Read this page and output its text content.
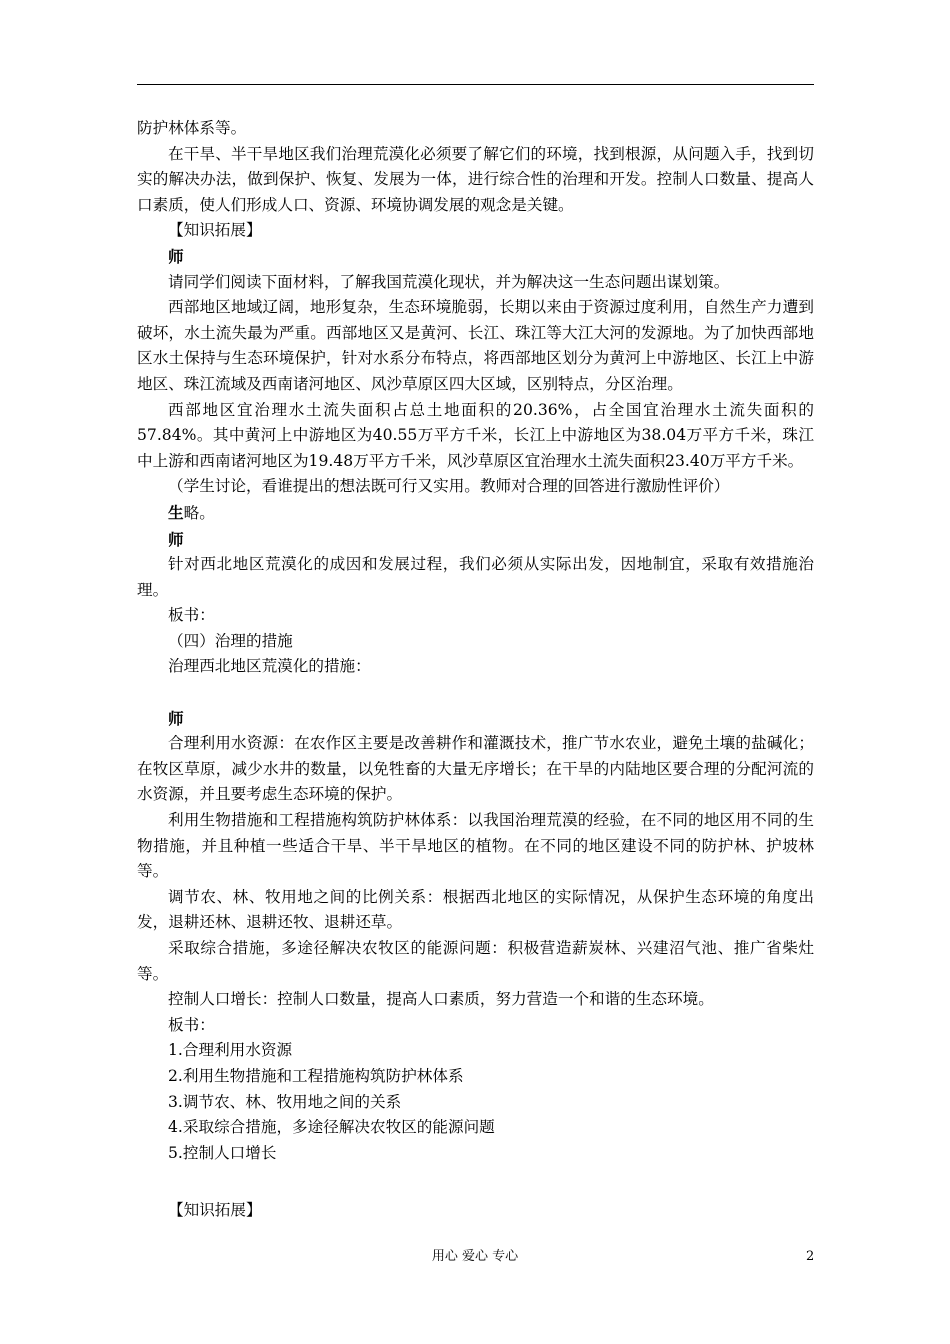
防护林体系等。

在干旱、半干旱地区我们治理荒漠化必须要了解它们的环境，找到根源，从问题入手，找到切实的解决办法，做到保护、恢复、发展为一体，进行综合性的治理和开发。控制人口数量、提高人口素质，使人们形成人口、资源、环境协调发展的观念是关键。

【知识拓展】

师

请同学们阅读下面材料，了解我国荒漠化现状，并为解决这一生态问题出谋划策。

西部地区地域辽阔，地形复杂，生态环境脆弱，长期以来由于资源过度利用，自然生产力遭到破坏，水土流失最为严重。西部地区又是黄河、长江、珠江等大江大河的发源地。为了加快西部地区水土保持与生态环境保护，针对水系分布特点，将西部地区划分为黄河上中游地区、长江上中游地区、珠江流域及西南诸河地区、风沙草原区四大区域，区别特点，分区治理。

西部地区宜治理水土流失面积占总土地面积的20.36%，占全国宜治理水土流失面积的57.84%。其中黄河上中游地区为40.55万平方千米，长江上中游地区为38.04万平方千米，珠江中上游和西南诸河地区为19.48万平方千米，风沙草原区宜治理水土流失面积23.40万平方千米。

（学生讨论，看谁提出的想法既可行又实用。教师对合理的回答进行激励性评价）

生略。

师

针对西北地区荒漠化的成因和发展过程，我们必须从实际出发，因地制宜，采取有效措施治理。

板书：

（四）治理的措施

治理西北地区荒漠化的措施：

师

合理利用水资源：在农作区主要是改善耕作和灌溉技术，推广节水农业，避免土壤的盐碱化；在牧区草原，减少水井的数量，以免牲畜的大量无序增长；在干旱的内陆地区要合理的分配河流的水资源，并且要考虑生态环境的保护。

利用生物措施和工程措施构筑防护林体系：以我国治理荒漠的经验，在不同的地区用不同的生物措施，并且种植一些适合干旱、半干旱地区的植物。在不同的地区建设不同的防护林、护坡林等。

调节农、林、牧用地之间的比例关系：根据西北地区的实际情况，从保护生态环境的角度出发，退耕还林、退耕还牧、退耕还草。

采取综合措施，多途径解决农牧区的能源问题：积极营造薪炭林、兴建沼气池、推广省柴灶等。

控制人口增长：控制人口数量，提高人口素质，努力营造一个和谐的生态环境。

板书：

1.合理利用水资源

2.利用生物措施和工程措施构筑防护林体系

3.调节农、林、牧用地之间的关系

4.采取综合措施，多途径解决农牧区的能源问题

5.控制人口增长

【知识拓展】

用心 爱心 专心	2
